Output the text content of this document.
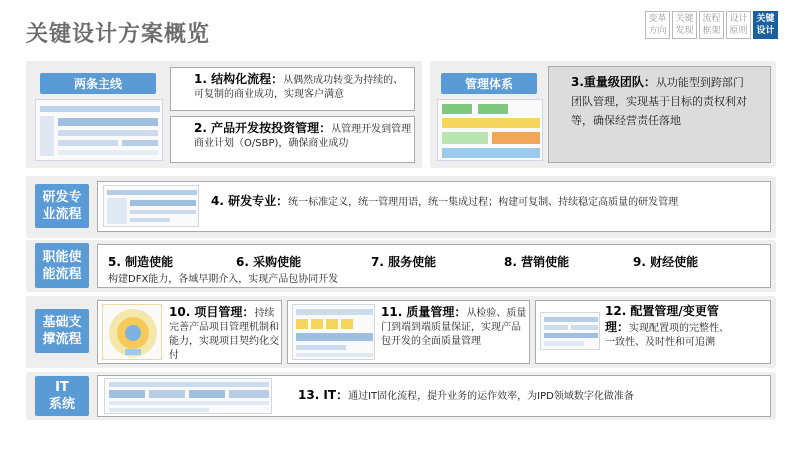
关键设计方案概览
变革方向
关键发现
流程框架
设计原则
关键设计
两条主线	1. 结构化流程：从偶然成功转变为持续的、可复制的商业成功，实现客户满意
2. 产品开发按投资管理：从管理开发到管理商业计划（O/SBP)，确保商业成功
管理体系	3.重量级团队：从功能型到跨部门团队管理，实现基于目标的责权利对等，确保经营责任落地
研发专
业流程
4. 研发专业：统一标准定义，统一管理用语，统一集成过程；构建可复制、持续稳定高质量的研发管理
职能使
能流程
5. 制造使能	6. 采购使能	7. 服务使能	8. 营销使能	9. 财经使能
构建DFX能力，各域早期介入，实现产品包协同开发
基础支
撑流程
10. 项目管理：持续完善产品项目管理机制和能力，实现项目契约化交付
11. 质量管理：从检验、质量门到端到端质量保证，实现产品包开发的全面质量管理
12. 配置管理/变更管理：实现配置项的完整性、一致性、及时性和可追溯
IT
系统
13. IT：通过IT固化流程，提升业务的运作效率，为IPD领域数字化做准备
